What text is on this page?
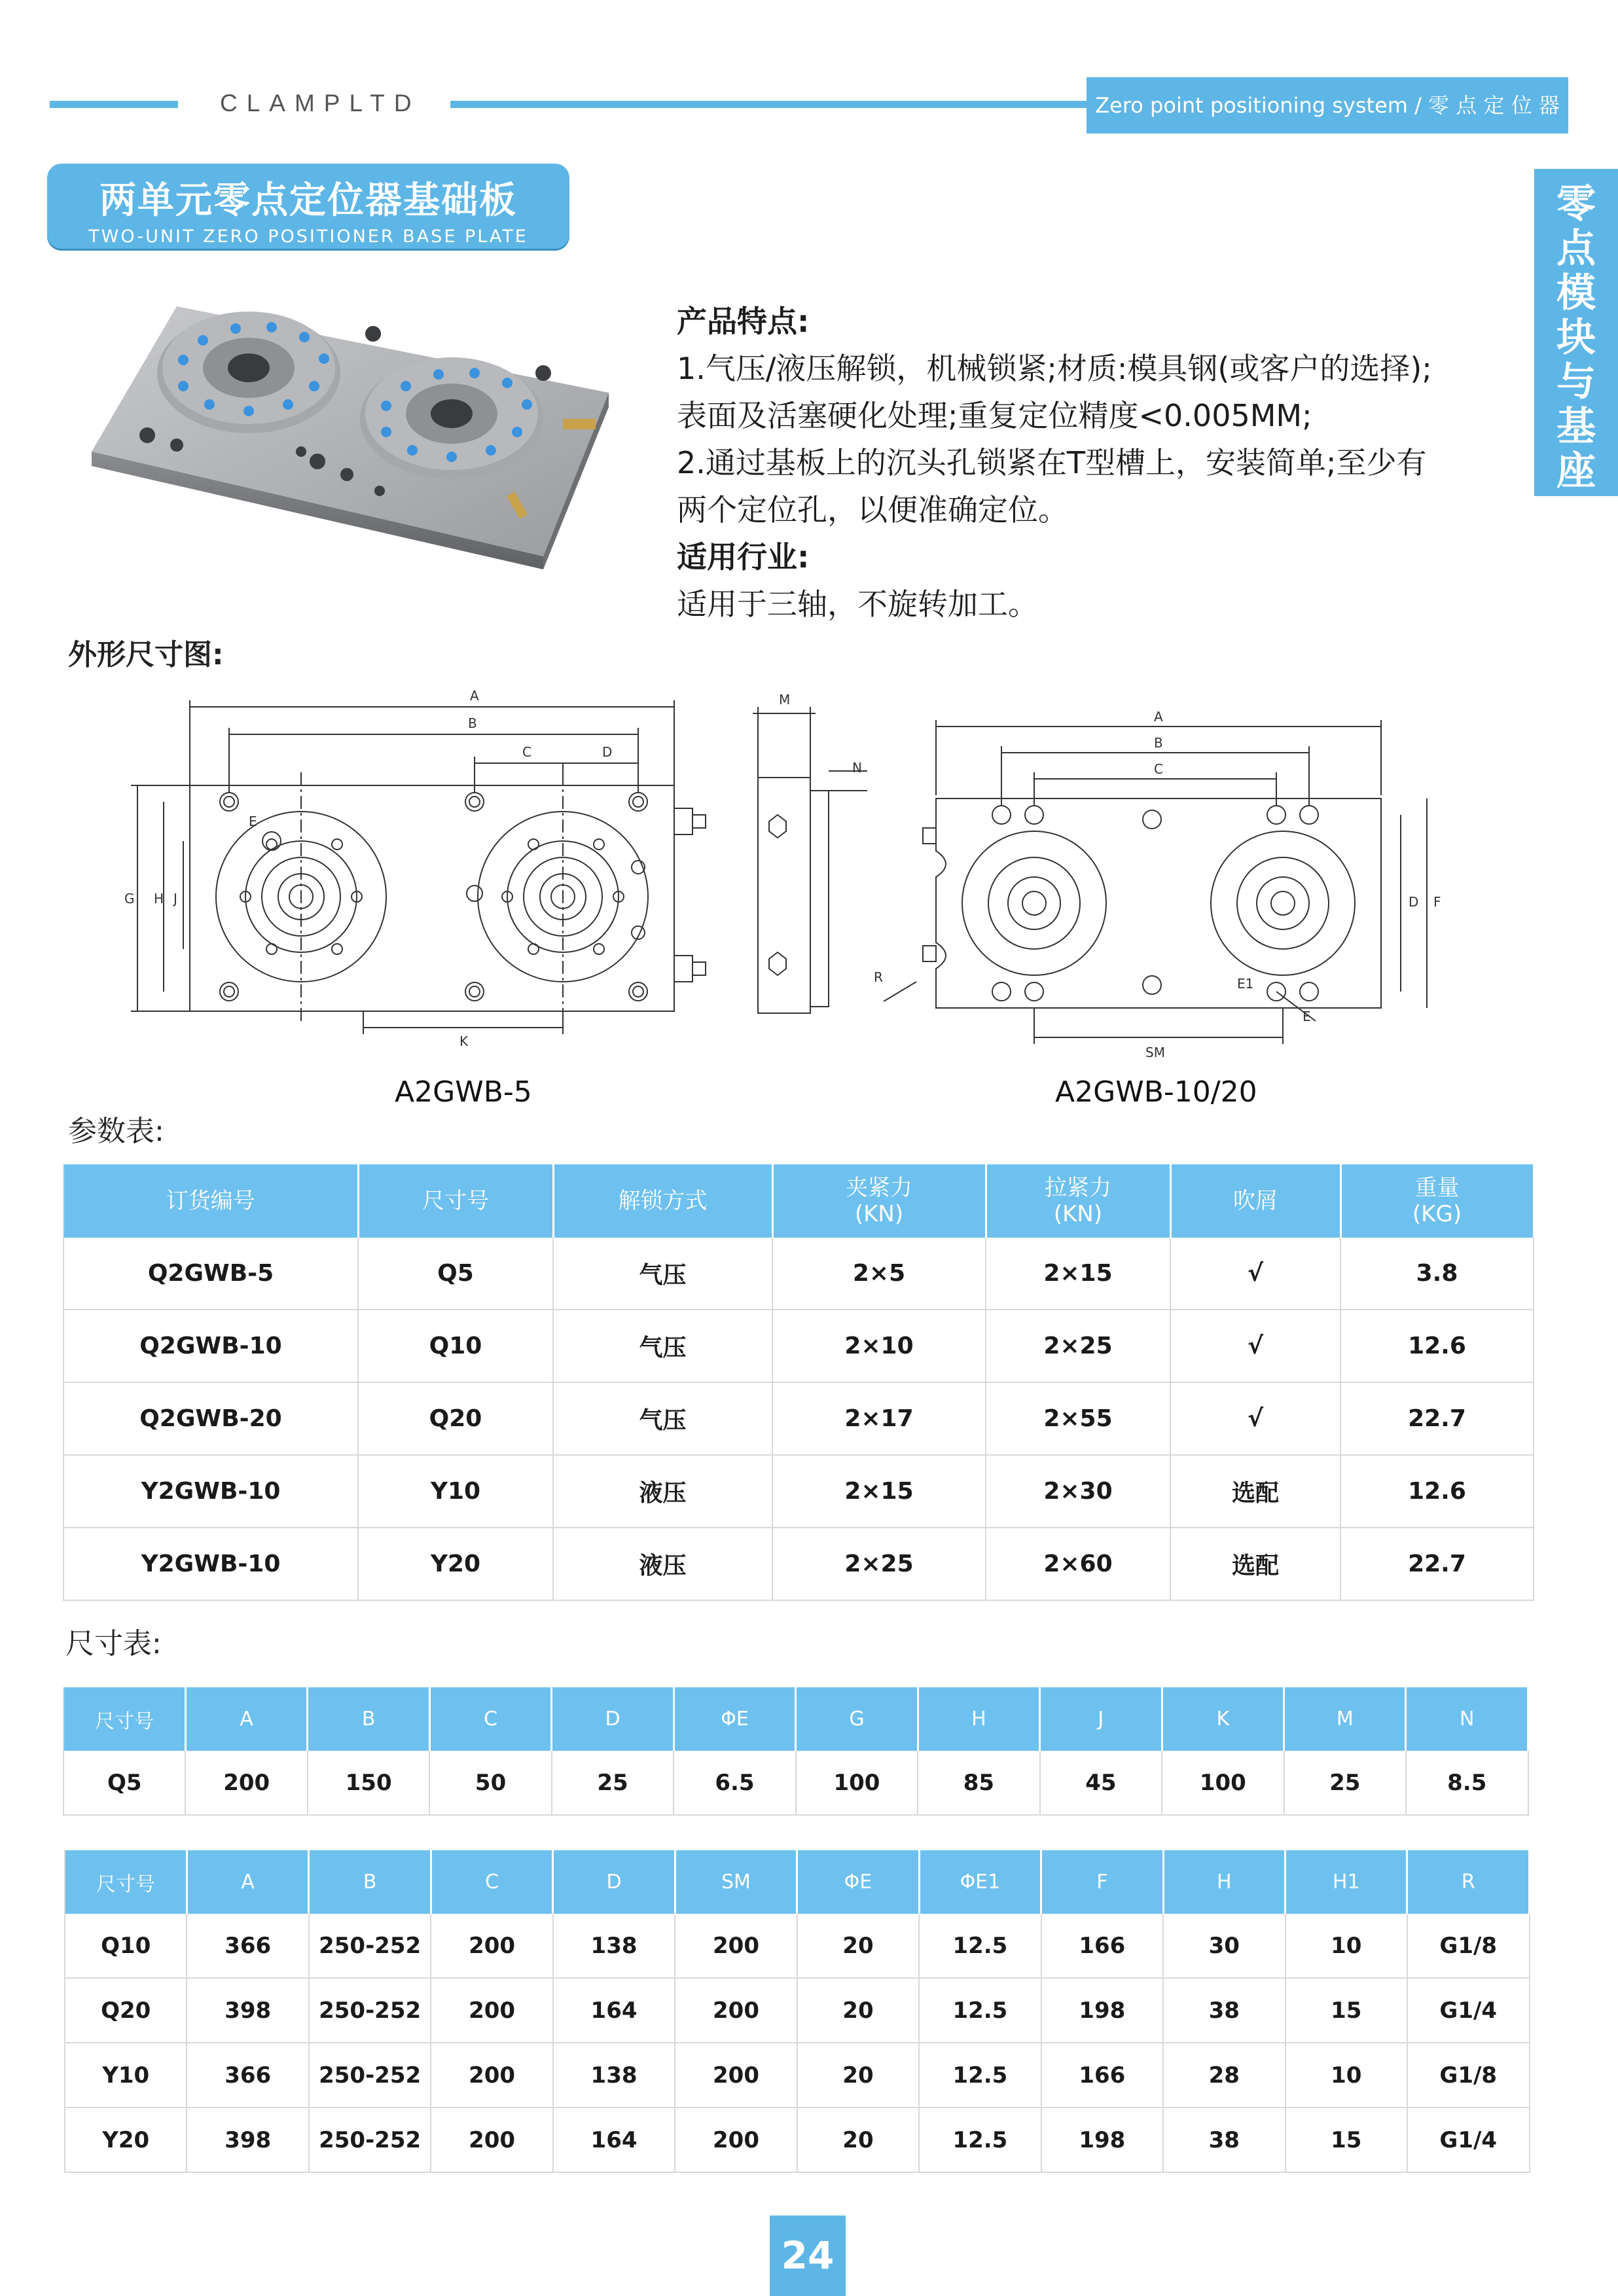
CLAMPLTD	Zero point positioning system / 零 点 定 位 器
两单元零点定位器基础板
TWO-UNIT ZERO POSITIONER BASE PLATE
零
点
模
块
与
基
座
产品特点:
1.气压/液压解锁，机械锁紧;材质:模具钢(或客户的选择);
表面及活塞硬化处理;重复定位精度<0.005MM;
2.通过基板上的沉头孔锁紧在T型槽上，安装简单;至少有
两个定位孔，以便准确定位。
适用行业:
适用于三轴，不旋转加工。
外形尺寸图:
A
B
C	D
E
G H J
K
M
N
A
B
C
D F
R	E1
E
SM
A2GWB-5	A2GWB-10/20
参数表:
订货编号	尺寸号	解锁方式	夹紧力
(KN)	拉紧力
(KN)	吹屑	重量
(KG)
Q2GWB-5	Q5	气压	2×5	2×15	√	3.8
Q2GWB-10	Q10	气压	2×10	2×25	√	12.6
Q2GWB-20	Q20	气压	2×17	2×55	√	22.7
Y2GWB-10	Y10	液压	2×15	2×30	选配	12.6
Y2GWB-10	Y20	液压	2×25	2×60	选配	22.7
尺寸表:
尺寸号	A	B	C	D	ΦE	G	H	J	K	M	N
Q5	200	150	50	25	6.5	100	85	45	100	25	8.5
尺寸号	A	B	C	D	SM	ΦE	ΦE1	F	H	H1	R
Q10	366	250-252	200	138	200	20	12.5	166	30	10	G1/8
Q20	398	250-252	200	164	200	20	12.5	198	38	15	G1/4
Y10	366	250-252	200	138	200	20	12.5	166	28	10	G1/8
Y20	398	250-252	200	164	200	20	12.5	198	38	15	G1/4
24
